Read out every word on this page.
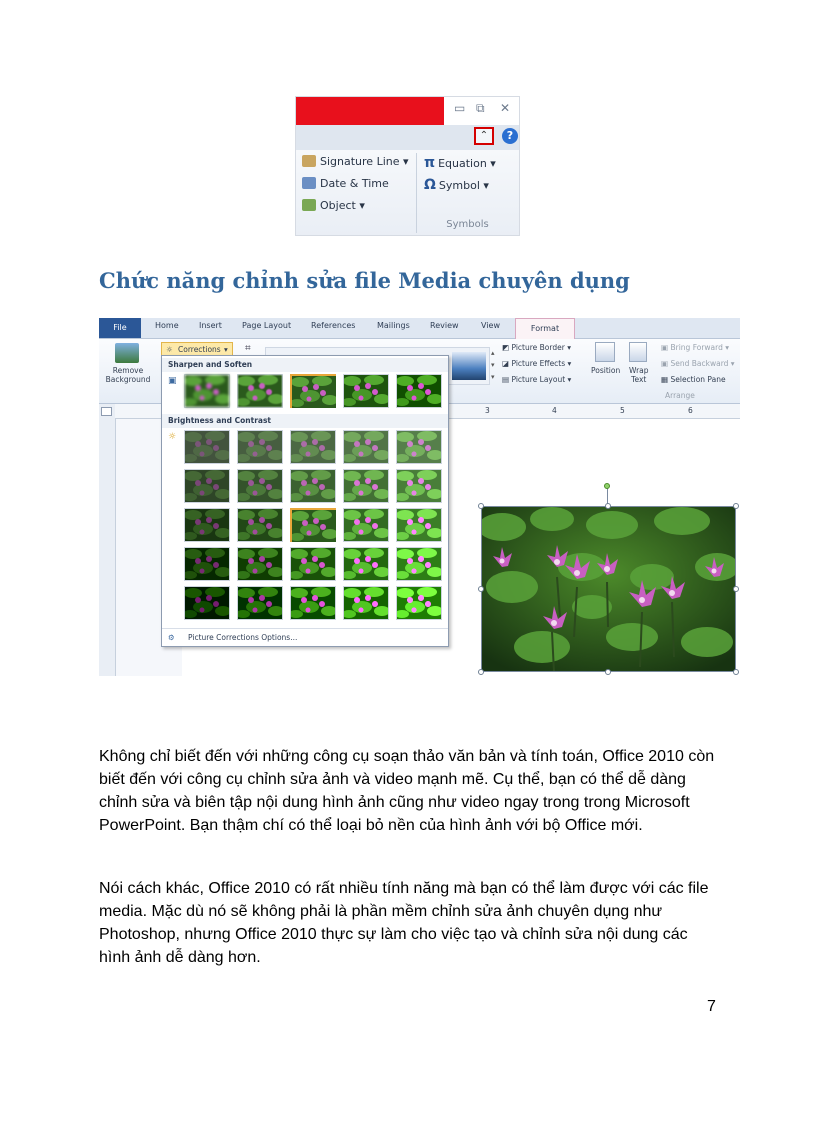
▭ ⧉ ✕
⌃	?
Signature Line ▾
Date & Time
Object ▾
π Equation ▾
Ω Symbol ▾
Symbols
Chức năng chỉnh sửa file Media chuyên dụng
File	Home	Insert	Page Layout References	Mailings	Review	View	Format
Remove
Background
☼ Corrections ▾ ⌗	▴
▾
▾
◩ Picture Border ▾
◪ Picture Effects ▾
▤ Picture Layout ▾
Position Wrap
Text
▣ Bring Forward ▾
▣ Send Backward ▾
▦ Selection Pane
Arrange
3	4	5	6
Sharpen and Soften
▣
Brightness and Contrast
☼
⚙ Picture Corrections Options...

Không chỉ biết đến với những công cụ soạn thảo văn bản và tính toán, Office 2010 còn biết đến với công cụ chỉnh sửa ảnh và video mạnh mẽ. Cụ thể, bạn có thể dễ dàng chỉnh sửa và biên tập nội dung hình ảnh cũng như video ngay trong trong Microsoft PowerPoint. Bạn thậm chí có thể loại bỏ nền của hình ảnh với bộ Office mới.

Nói cách khác, Office 2010 có rất nhiều tính năng mà bạn có thể làm được với các file media. Mặc dù nó sẽ không phải là phần mềm chỉnh sửa ảnh chuyên dụng như Photoshop, nhưng Office 2010 thực sự làm cho việc tạo và chỉnh sửa nội dung các hình ảnh dễ dàng hơn.

7
